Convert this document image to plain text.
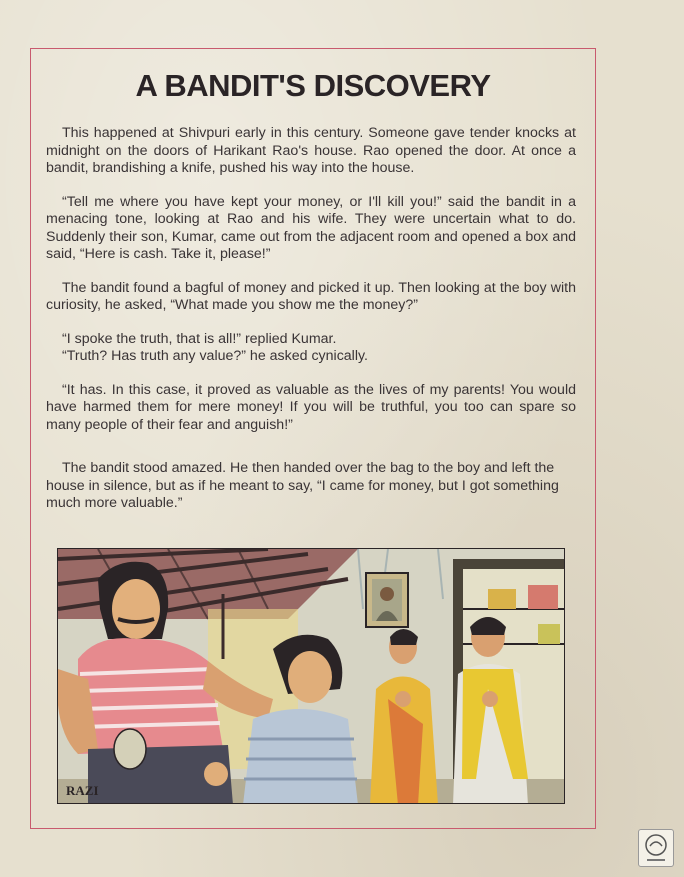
A BANDIT'S DISCOVERY

This happened at Shivpuri early in this century. Someone gave tender knocks at midnight on the doors of Harikant Rao's house. Rao opened the door. At once a bandit, brandishing a knife, pushed his way into the house.

“Tell me where you have kept your money, or I'll kill you!” said the bandit in a menacing tone, looking at Rao and his wife. They were uncertain what to do. Suddenly their son, Kumar, came out from the adjacent room and opened a box and said, “Here is cash. Take it, please!”

The bandit found a bagful of money and picked it up. Then looking at the boy with curiosity, he asked, “What made you show me the money?”

“I spoke the truth, that is all!” replied Kumar.

“Truth? Has truth any value?” he asked cynically.

“It has. In this case, it proved as valuable as the lives of my parents! You would have harmed them for mere money! If you will be truthful, you too can spare so many people of their fear and anguish!”

The bandit stood amazed. He then handed over the bag to the boy and left the house in silence, but as if he meant to say, “I came for money, but I got something much more valuable.”

RAZI
